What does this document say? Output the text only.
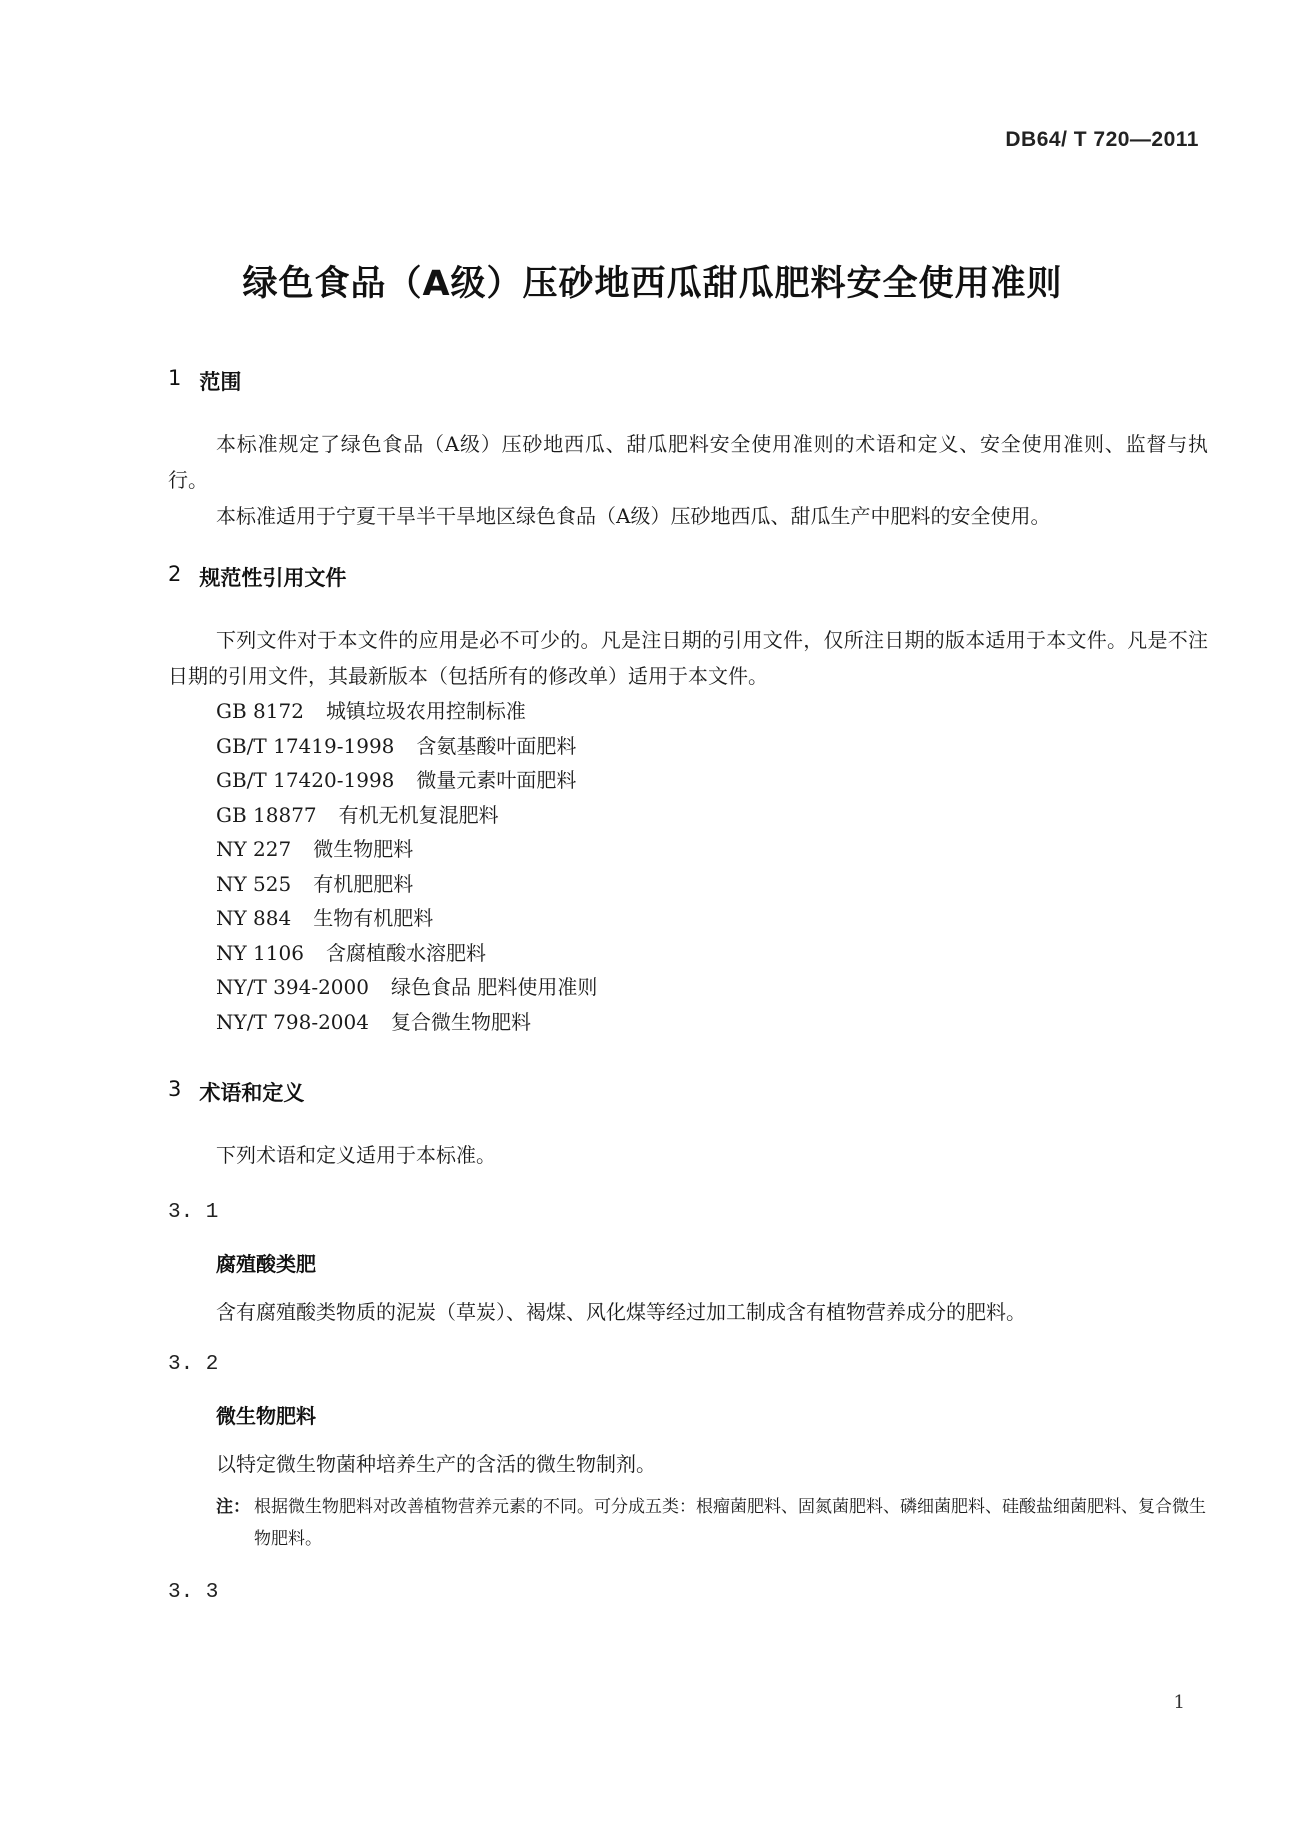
DB64/ T 720—2011
绿色食品（A级）压砂地西瓜甜瓜肥料安全使用准则
1 范围

本标准规定了绿色食品（A级）压砂地西瓜、甜瓜肥料安全使用准则的术语和定义、安全使用准则、监督与执行。

本标准适用于宁夏干旱半干旱地区绿色食品（A级）压砂地西瓜、甜瓜生产中肥料的安全使用。

2 规范性引用文件

下列文件对于本文件的应用是必不可少的。凡是注日期的引用文件，仅所注日期的版本适用于本文件。凡是不注日期的引用文件，其最新版本（包括所有的修改单）适用于本文件。

GB 8172 城镇垃圾农用控制标准
GB/T 17419-1998 含氨基酸叶面肥料
GB/T 17420-1998 微量元素叶面肥料
GB 18877 有机无机复混肥料
NY 227 微生物肥料
NY 525 有机肥肥料
NY 884 生物有机肥料
NY 1106 含腐植酸水溶肥料
NY/T 394-2000 绿色食品 肥料使用准则
NY/T 798-2004 复合微生物肥料
3 术语和定义

下列术语和定义适用于本标准。

3. 1
腐殖酸类肥
含有腐殖酸类物质的泥炭（草炭）、褐煤、风化煤等经过加工制成含有植物营养成分的肥料。
3. 2
微生物肥料
以特定微生物菌种培养生产的含活的微生物制剂。
注： 根据微生物肥料对改善植物营养元素的不同。可分成五类：根瘤菌肥料、固氮菌肥料、磷细菌肥料、硅酸盐细菌肥料、复合微生物肥料。
3. 3
1
